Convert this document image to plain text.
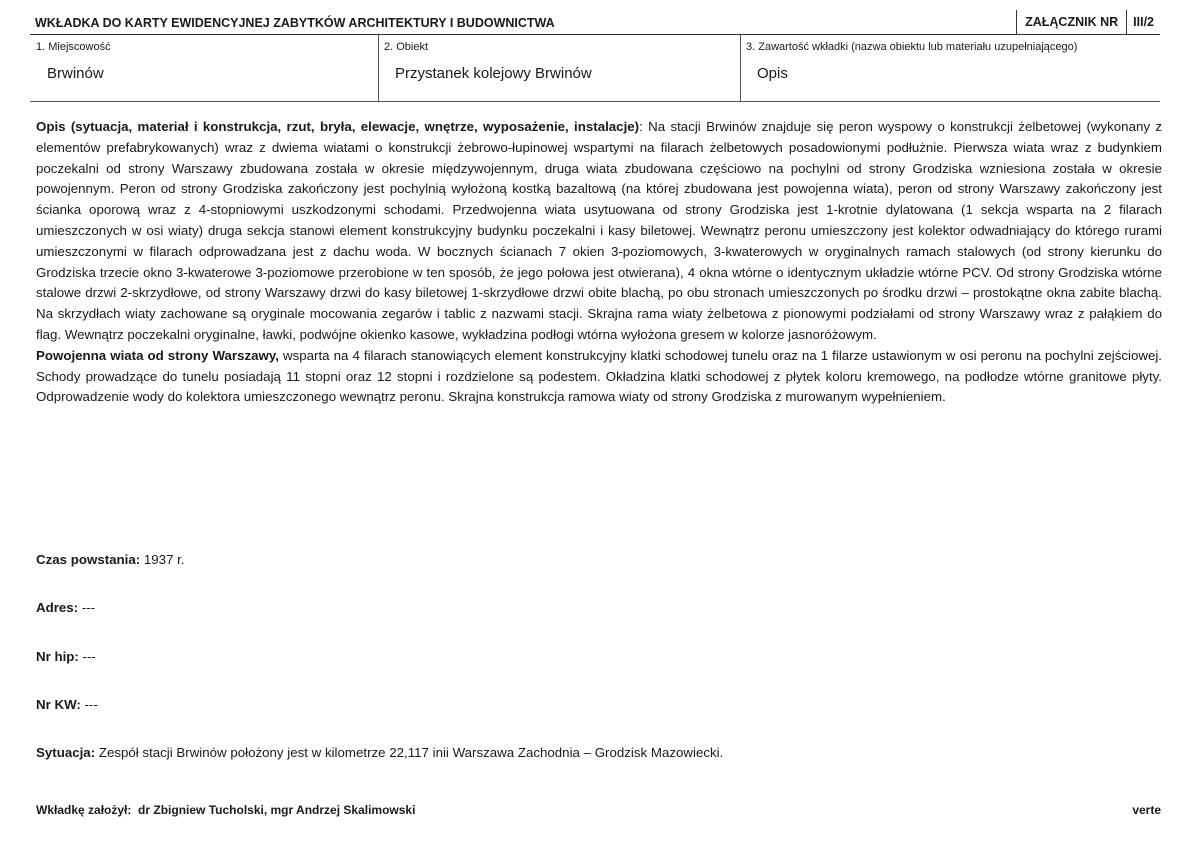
WKŁADKA DO KARTY EWIDENCYJNEJ ZABYTKÓW ARCHITEKTURY I BUDOWNICTWA	ZAŁĄCZNIK NR	III/2
1. Miejscowość
Brwinów
2. Obiekt
Przystanek kolejowy Brwinów
3. Zawartość wkładki (nazwa obiektu lub materiału uzupełniającego)
Opis

Opis (sytuacja, materiał i konstrukcja, rzut, bryła, elewacje, wnętrze, wyposażenie, instalacje): Na stacji Brwinów znajduje się peron wyspowy o konstrukcji żelbetowej (wykonany z elementów prefabrykowanych) wraz z dwiema wiatami o konstrukcji żebrowo-łupinowej wspartymi na filarach żelbetowych posadowionymi podłużnie. Pierwsza wiata wraz z budynkiem poczekalni od strony Warszawy zbudowana została w okresie międzywojennym, druga wiata zbudowana częściowo na pochylni od strony Grodziska wzniesiona została w okresie powojennym. Peron od strony Grodziska zakończony jest pochylnią wyłożoną kostką bazaltową (na której zbudowana jest powojenna wiata), peron od strony Warszawy zakończony jest ścianka oporową wraz z 4-stopniowymi uszkodzonymi schodami. Przedwojenna wiata usytuowana od strony Grodziska jest 1-krotnie dylatowana (1 sekcja wsparta na 2 filarach umieszczonych w osi wiaty) druga sekcja stanowi element konstrukcyjny budynku poczekalni i kasy biletowej. Wewnątrz peronu umieszczony jest kolektor odwadniający do którego rurami umieszczonymi w filarach odprowadzana jest z dachu woda. W bocznych ścianach 7 okien 3-poziomowych, 3-kwaterowych w oryginalnych ramach stalowych (od strony kierunku do Grodziska trzecie okno 3-kwaterowe 3-poziomowe przerobione w ten sposób, że jego połowa jest otwierana), 4 okna wtórne o identycznym układzie wtórne PCV. Od strony Grodziska wtórne stalowe drzwi 2-skrzydłowe, od strony Warszawy drzwi do kasy biletowej 1-skrzydłowe drzwi obite blachą, po obu stronach umieszczonych po środku drzwi – prostokątne okna zabite blachą. Na skrzydłach wiaty zachowane są oryginale mocowania zegarów i tablic z nazwami stacji. Skrajna rama wiaty żelbetowa z pionowymi podziałami od strony Warszawy wraz z pałąkiem do flag. Wewnątrz poczekalni oryginalne, ławki, podwójne okienko kasowe, wykładzina podłogi wtórna wyłożona gresem w kolorze jasnoróżowym.

Powojenna wiata od strony Warszawy, wsparta na 4 filarach stanowiących element konstrukcyjny klatki schodowej tunelu oraz na 1 filarze ustawionym w osi peronu na pochylni zejściowej. Schody prowadzące do tunelu posiadają 11 stopni oraz 12 stopni i rozdzielone są podestem. Okładzina klatki schodowej z płytek koloru kremowego, na podłodze wtórne granitowe płyty. Odprowadzenie wody do kolektora umieszczonego wewnątrz peronu. Skrajna konstrukcja ramowa wiaty od strony Grodziska z murowanym wypełnieniem.

Czas powstania: 1937 r.
Adres: ---
Nr hip: ---
Nr KW: ---
Sytuacja: Zespół stacji Brwinów położony jest w kilometrze 22,117 inii Warszawa Zachodnia – Grodzisk Mazowiecki.
Wkładkę założył: dr Zbigniew Tucholski, mgr Andrzej Skalimowski	verte
